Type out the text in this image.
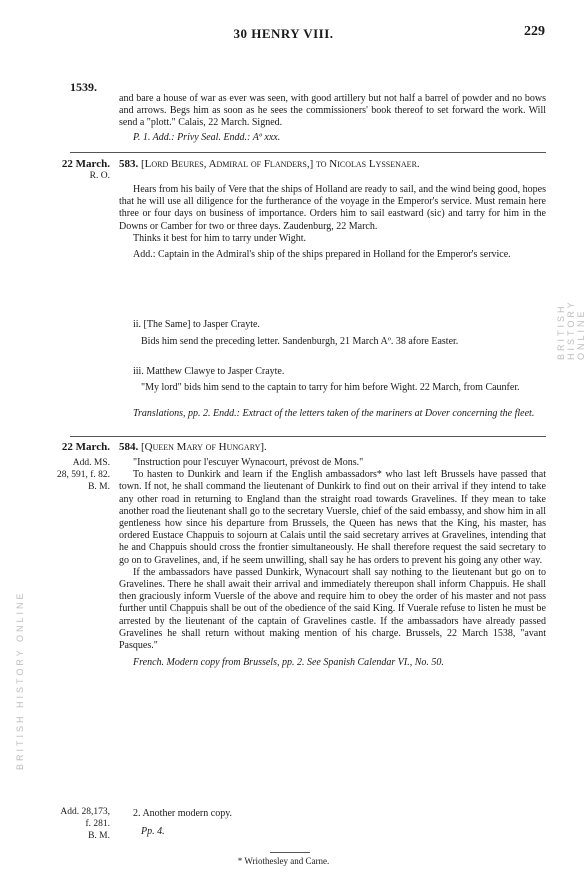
30 HENRY VIII.	229
1539.

and bare a house of war as ever was seen, with good artillery but not half a barrel of powder and no bows and arrows. Begs him as soon as he sees the commissioners' book thereof to set forward the work. Will send a "plott." Calais, 22 March. Signed.

P. 1. Add.: Privy Seal. Endd.: Aº xxx.

22 March.
R. O.
583. [Lord Beures, Admiral of Flanders,] to Nicolas Lyssenaer.

Hears from his baily of Vere that the ships of Holland are ready to sail, and the wind being good, hopes that he will use all diligence for the furtherance of the voyage in the Emperor's service. Must remain here three or four days on business of importance. Orders him to sail eastward (sic) and tarry for him in the Downs or Camber for two or three days. Zaudenburg, 22 March.

Thinks it best for him to tarry under Wight.

Add.: Captain in the Admiral's ship of the ships prepared in Holland for the Emperor's service.

ii. [The Same] to Jasper Crayte.
Bids him send the preceding letter. Sandenburgh, 21 March Aº. 38 afore Easter.
iii. Matthew Clawye to Jasper Crayte.
"My lord" bids him send to the captain to tarry for him before Wight. 22 March, from Caunfer.

Translations, pp. 2. Endd.: Extract of the letters taken of the mariners at Dover concerning the fleet.

22 March.
Add. MS.
28, 591, f. 82.
B. M.
584. [Queen Mary of Hungary].

"Instruction pour l'escuyer Wynacourt, prévost de Mons."

To hasten to Dunkirk and learn if the English ambassadors* who last left Brussels have passed that town. If not, he shall command the lieutenant of Dunkirk to find out on their arrival if they intend to take any other road in returning to England than the straight road towards Gravelines. If they mean to take another road the lieutenant shall go to the secretary Vuersle, chief of the said embassy, and show him in all gentleness how since his departure from Brussels, the Queen has news that the King, his master, has ordered Eustace Chappuis to sojourn at Calais until the said secretary arrives at Gravelines, intending that he and Chappuis should cross the frontier simultaneously. He shall therefore request the said secretary to go on to Gravelines, and, if he seem unwilling, shall say he has orders to prevent his going any other way.

If the ambassadors have passed Dunkirk, Wynacourt shall say nothing to the lieutenant but go on to Gravelines. There he shall await their arrival and immediately thereupon shall inform Chappuis. He shall then graciously inform Vuersle of the above and require him to obey the order of his master and not pass further until Chappuis shall be out of the obedience of the said King. If Vuerale refuse to listen he must be arrested by the lieutenant of the captain of Gravelines castle. If the ambassadors have already passed Gravelines he shall return without making mention of his charge. Brussels, 22 March 1538, "avant Pasques."

French. Modern copy from Brussels, pp. 2. See Spanish Calendar VI., No. 50.

Add. 28,173,
f. 281.
B. M.
2. Another modern copy.
Pp. 4.
* Wriothesley and Carne.
BRITISH HISTORY ONLINE
BRITISH HISTORY ONLINE
